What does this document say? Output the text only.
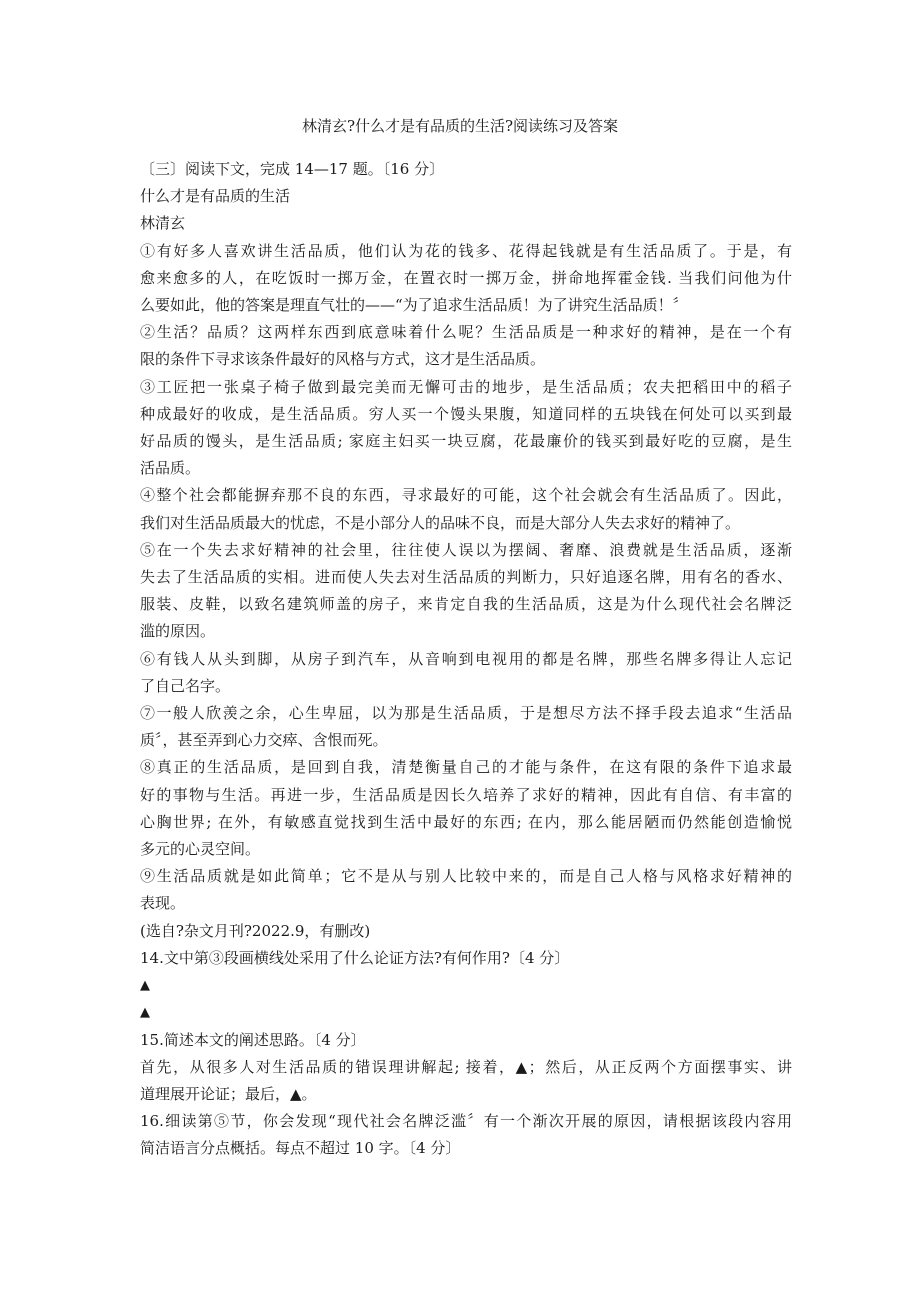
林清玄?什么才是有品质的生活?阅读练习及答案
〔三〕阅读下文，完成 14—17 题。〔16 分〕
什么才是有品质的生活
林清玄
①有好多人喜欢讲生活品质，他们认为花的钱多、花得起钱就是有生活品质了。于是，有
愈来愈多的人，在吃饭时一掷万金，在置衣时一掷万金，拼命地挥霍金钱. 当我们问他为什
么要如此，他的答案是理直气壮的——“为了追求生活品质！为了讲究生活品质！〞
②生活？品质？这两样东西到底意味着什么呢？生活品质是一种求好的精神，是在一个有
限的条件下寻求该条件最好的风格与方式，这才是生活品质。
③工匠把一张桌子椅子做到最完美而无懈可击的地步，是生活品质；农夫把稻田中的稻子
种成最好的收成，是生活品质。穷人买一个馒头果腹，知道同样的五块钱在何处可以买到最
好品质的馒头，是生活品质; 家庭主妇买一块豆腐，花最廉价的钱买到最好吃的豆腐，是生
活品质。
④整个社会都能摒弃那不良的东西，寻求最好的可能，这个社会就会有生活品质了。因此，
我们对生活品质最大的忧虑，不是小部分人的品味不良，而是大部分人失去求好的精神了。
⑤在一个失去求好精神的社会里，往往使人误以为摆阔、奢靡、浪费就是生活品质，逐渐
失去了生活品质的实相。进而使人失去对生活品质的判断力，只好追逐名牌，用有名的香水、
服装、皮鞋，以致名建筑师盖的房子，来肯定自我的生活品质，这是为什么现代社会名牌泛
滥的原因。
⑥有钱人从头到脚，从房子到汽车，从音响到电视用的都是名牌，那些名牌多得让人忘记
了自己名字。
⑦一般人欣羡之余，心生卑屈，以为那是生活品质，于是想尽方法不择手段去追求“生活品
质〞，甚至弄到心力交瘁、含恨而死。
⑧真正的生活品质，是回到自我，清楚衡量自己的才能与条件，在这有限的条件下追求最
好的事物与生活。再进一步，生活品质是因长久培养了求好的精神，因此有自信、有丰富的
心胸世界; 在外，有敏感直觉找到生活中最好的东西; 在内，那么能居陋而仍然能创造愉悦
多元的心灵空间。
⑨生活品质就是如此简单；它不是从与别人比较中来的，而是自己人格与风格求好精神的
表现。
(选自?杂文月刊?2022.9，有删改)
14.文中第③段画横线处采用了什么论证方法?有何作用?〔4 分〕
▲
▲
15.简述本文的阐述思路。〔4 分〕
首先，从很多人对生活品质的错误理讲解起; 接着，▲；然后，从正反两个方面摆事实、讲
道理展开论证；最后，▲。
16.细读第⑤节，你会发现“现代社会名牌泛滥〞有一个渐次开展的原因，请根据该段内容用
简洁语言分点概括。每点不超过 10 字。〔4 分〕
